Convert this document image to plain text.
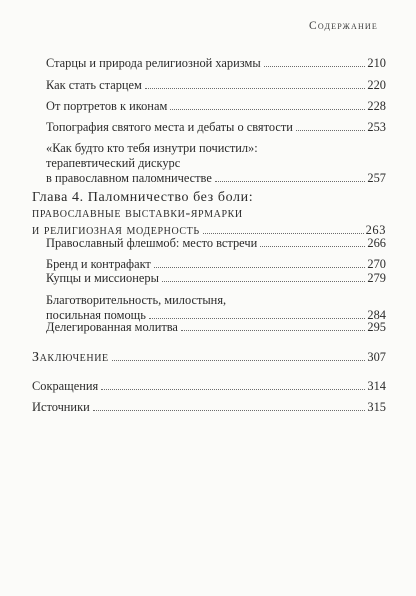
Содержание
Старцы и природа религиозной харизмы	210
Как стать старцем	220
От портретов к иконам	228
Топография святого места и дебаты о святости	253
«Как будто кто тебя изнутри почистил»:
терапевтический дискурс
в православном паломничестве	257
Глава 4. Паломничество без боли:
православные выставки-ярмарки
и религиозная модерность	263
Православный флешмоб: место встречи	266
Бренд и контрафакт	270
Купцы и миссионеры	279
Благотворительность, милостыня,
посильная помощь	284
Делегированная молитва	295
Заключение	307
Сокращения	314
Источники	315
